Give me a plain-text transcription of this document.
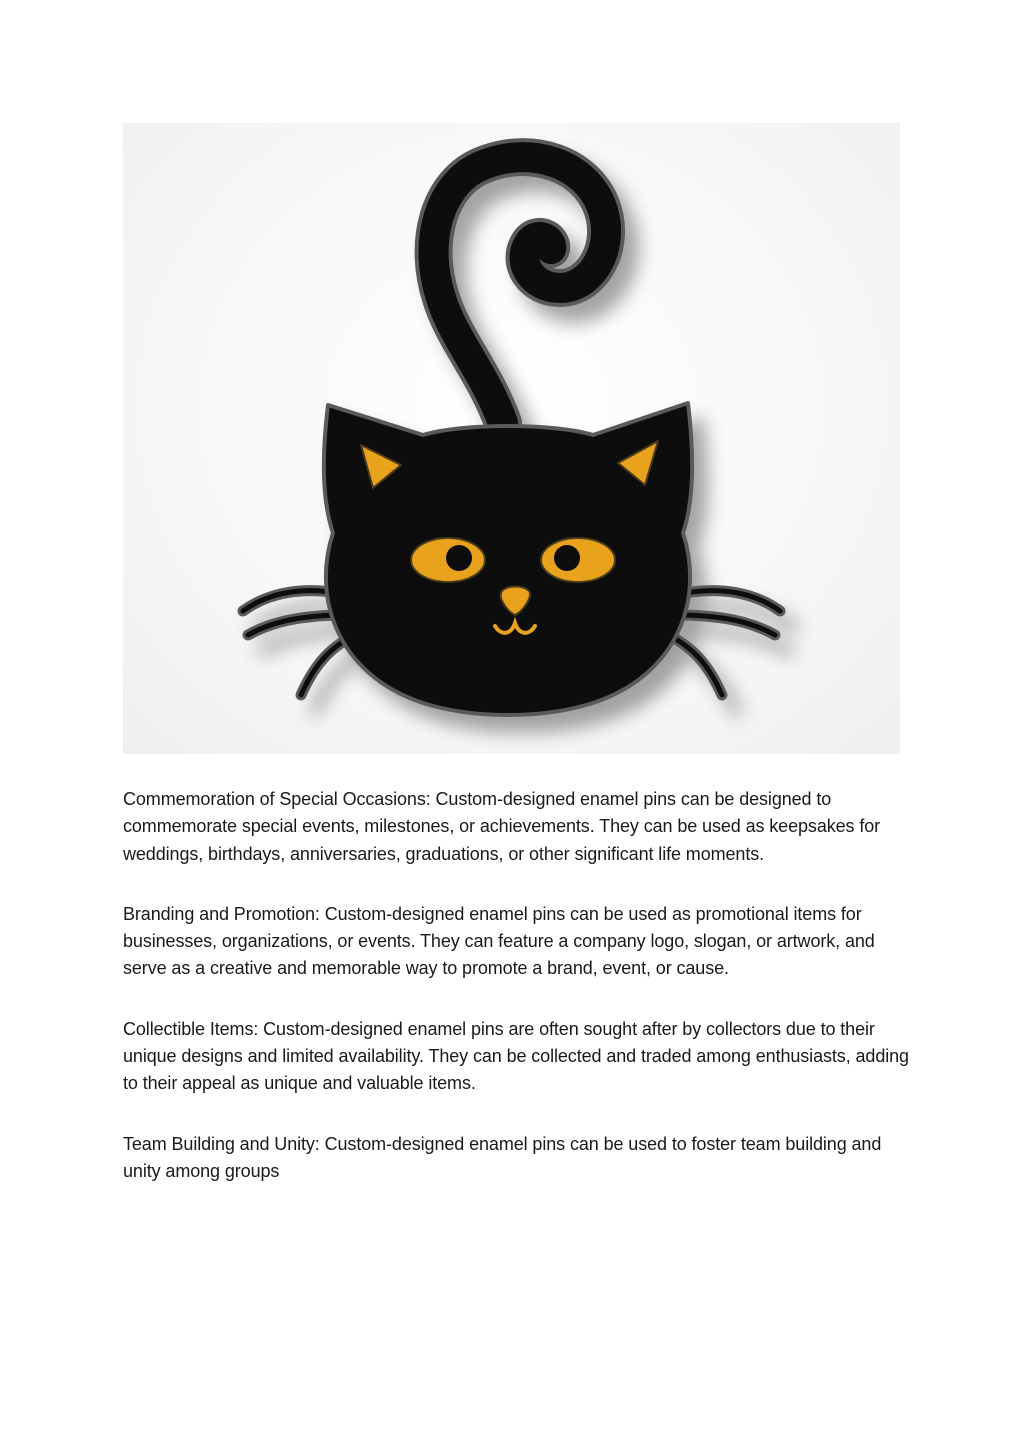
Commemoration of Special Occasions: Custom-designed enamel pins can be designed to commemorate special events, milestones, or achievements. They can be used as keepsakes for weddings, birthdays, anniversaries, graduations, or other significant life moments.

Branding and Promotion: Custom-designed enamel pins can be used as promotional items for businesses, organizations, or events. They can feature a company logo, slogan, or artwork, and serve as a creative and memorable way to promote a brand, event, or cause.

Collectible Items: Custom-designed enamel pins are often sought after by collectors due to their unique designs and limited availability. They can be collected and traded among enthusiasts, adding to their appeal as unique and valuable items.

Team Building and Unity: Custom-designed enamel pins can be used to foster team building and unity among groups
